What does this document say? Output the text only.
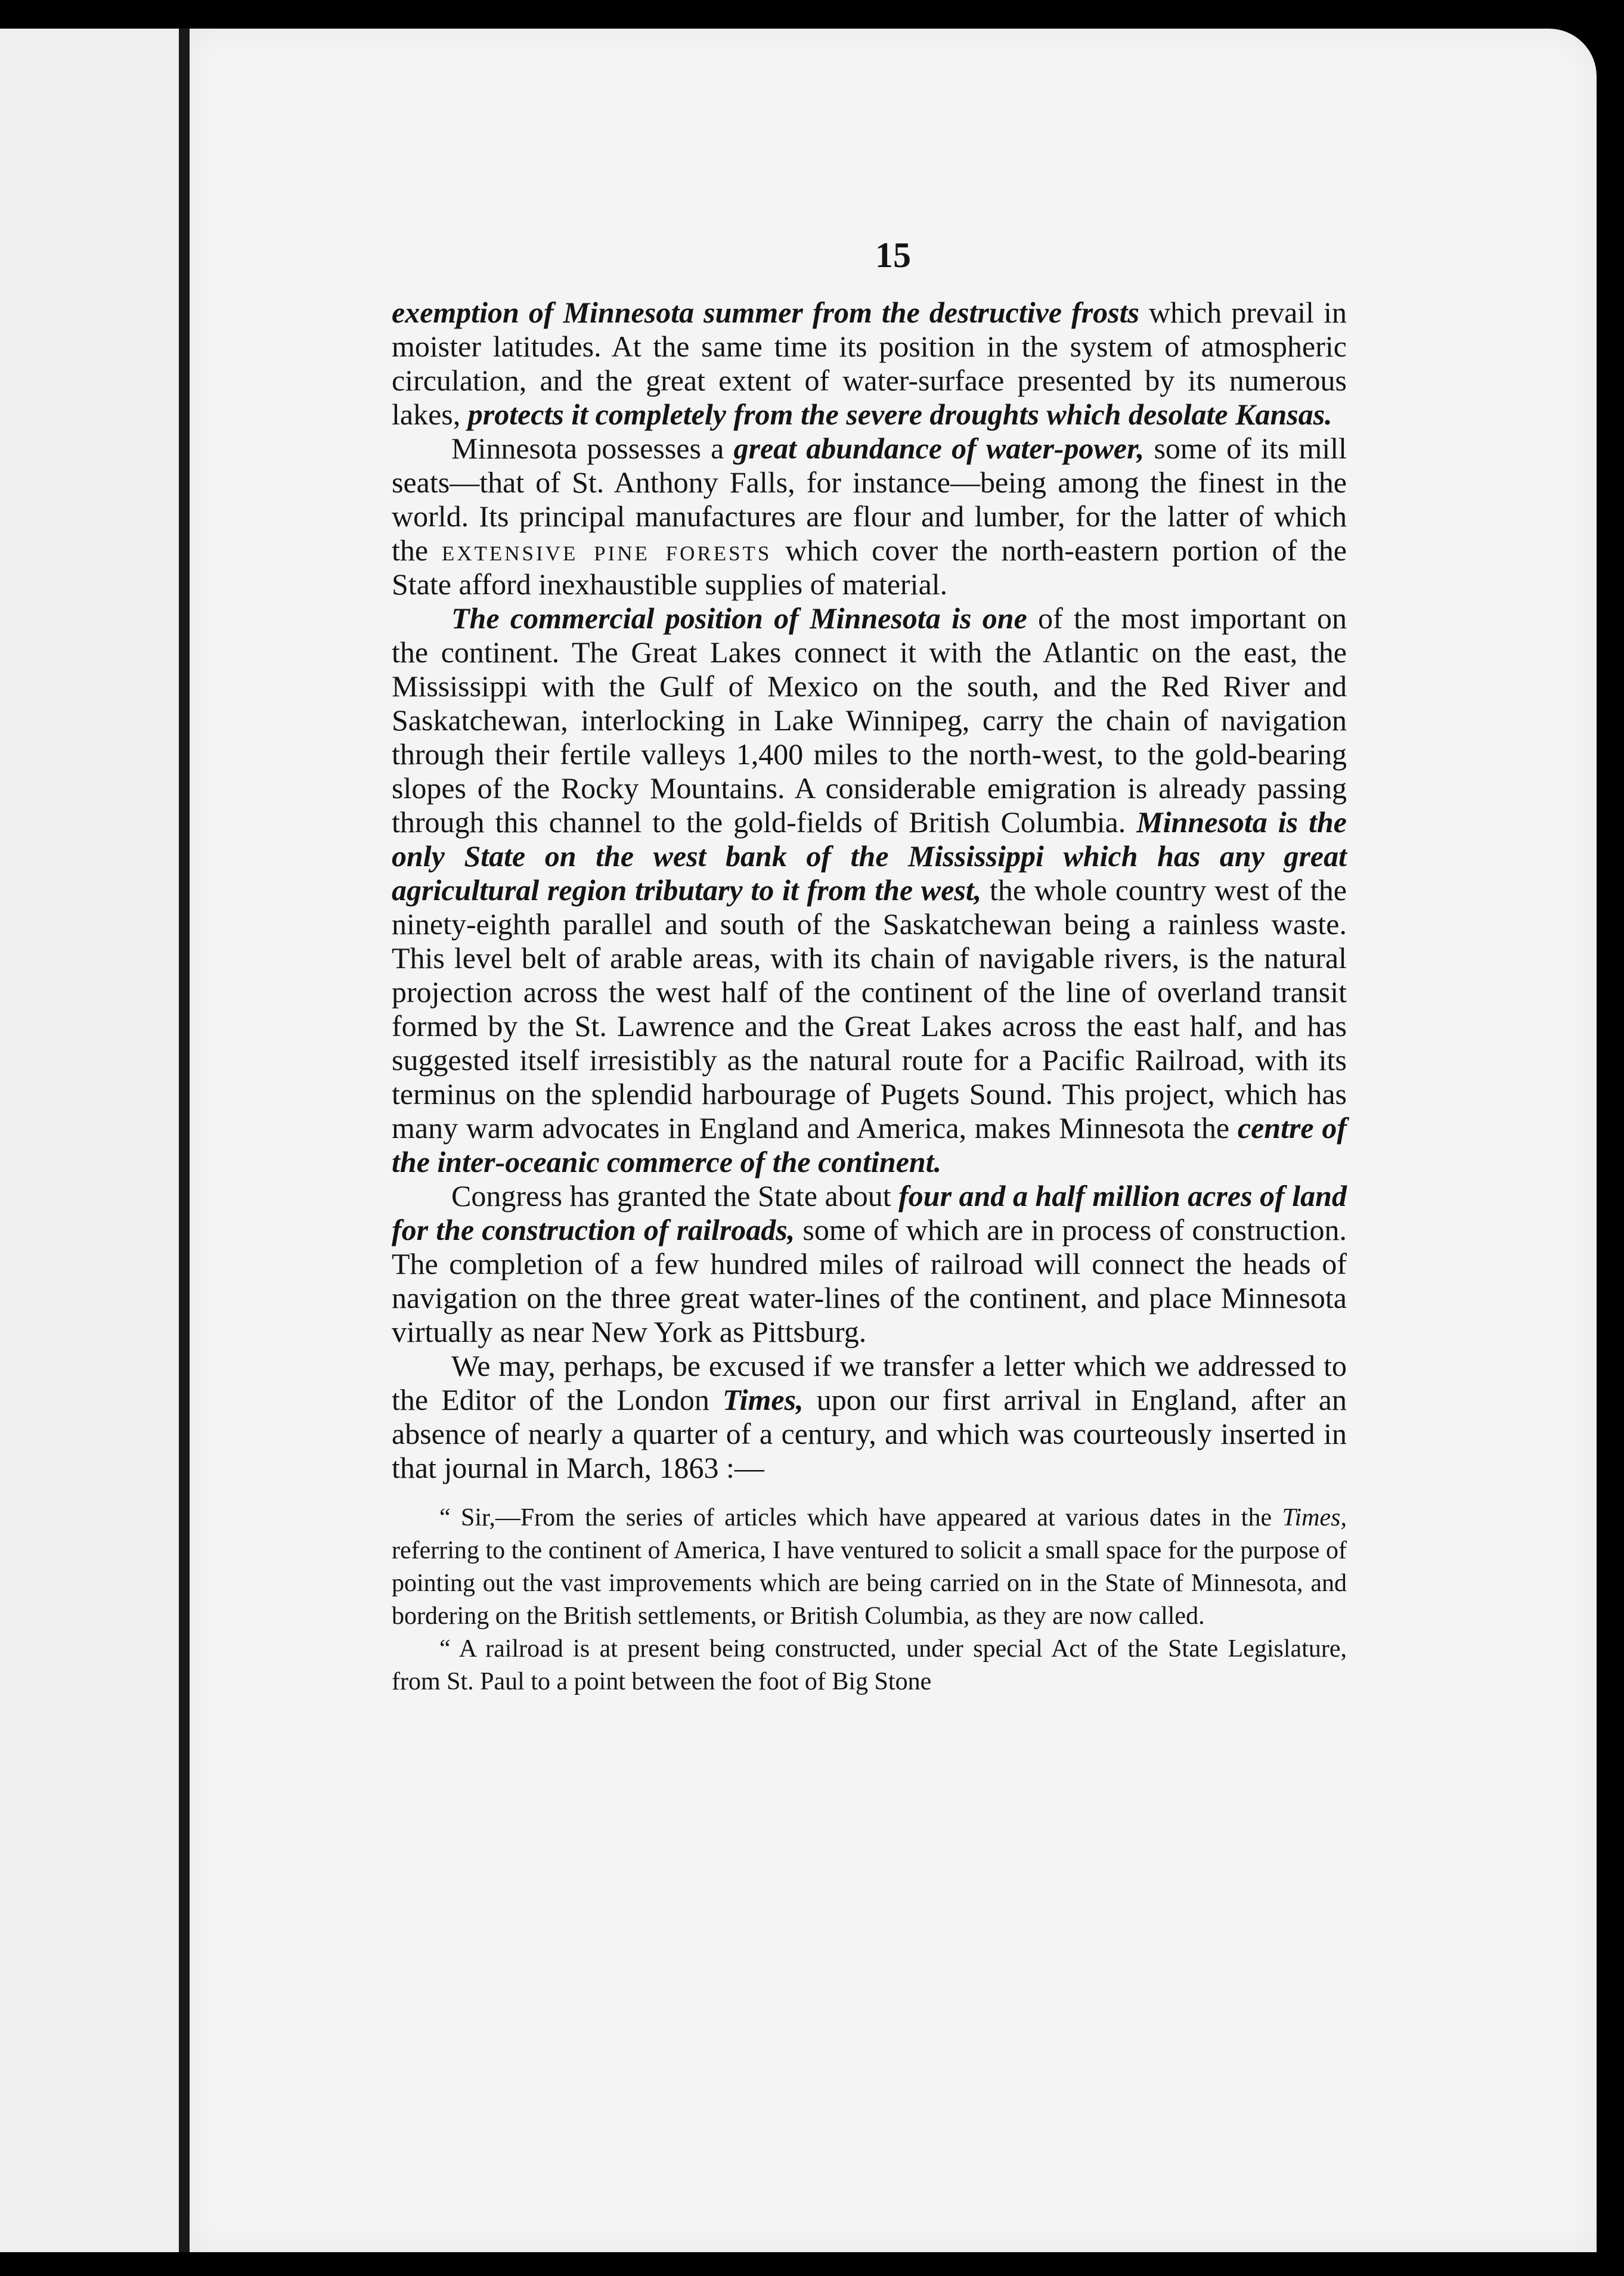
15

exemption of Minnesota summer from the destructive frosts which prevail in moister latitudes. At the same time its position in the system of atmospheric circulation, and the great extent of water-surface presented by its numerous lakes, protects it completely from the severe droughts which desolate Kansas.

Minnesota possesses a great abundance of water-power, some of its mill seats—that of St. Anthony Falls, for instance—being among the finest in the world. Its principal manufactures are flour and lumber, for the latter of which the extensive pine forests which cover the north-eastern portion of the State afford inexhaustible supplies of material.

The commercial position of Minnesota is one of the most important on the continent. The Great Lakes connect it with the Atlantic on the east, the Mississippi with the Gulf of Mexico on the south, and the Red River and Saskatchewan, interlocking in Lake Winnipeg, carry the chain of navigation through their fertile valleys 1,400 miles to the north-west, to the gold-bearing slopes of the Rocky Mountains. A considerable emigration is already passing through this channel to the gold-fields of British Columbia. Minnesota is the only State on the west bank of the Mississippi which has any great agricultural region tributary to it from the west, the whole country west of the ninety-eighth parallel and south of the Saskatchewan being a rainless waste. This level belt of arable areas, with its chain of navigable rivers, is the natural projection across the west half of the continent of the line of overland transit formed by the St. Lawrence and the Great Lakes across the east half, and has suggested itself irresistibly as the natural route for a Pacific Railroad, with its terminus on the splendid harbourage of Pugets Sound. This project, which has many warm advocates in England and America, makes Minnesota the centre of the inter-oceanic commerce of the continent.

Congress has granted the State about four and a half million acres of land for the construction of railroads, some of which are in process of construction. The completion of a few hundred miles of railroad will connect the heads of navigation on the three great water-lines of the continent, and place Minnesota virtually as near New York as Pittsburg.

We may, perhaps, be excused if we transfer a letter which we addressed to the Editor of the London Times, upon our first arrival in England, after an absence of nearly a quarter of a century, and which was courteously inserted in that journal in March, 1863 :—

“ Sir,—From the series of articles which have appeared at various dates in the Times, referring to the continent of America, I have ventured to solicit a small space for the purpose of pointing out the vast improvements which are being carried on in the State of Minnesota, and bordering on the British settlements, or British Columbia, as they are now called.

“ A railroad is at present being constructed, under special Act of the State Legislature, from St. Paul to a point between the foot of Big Stone
